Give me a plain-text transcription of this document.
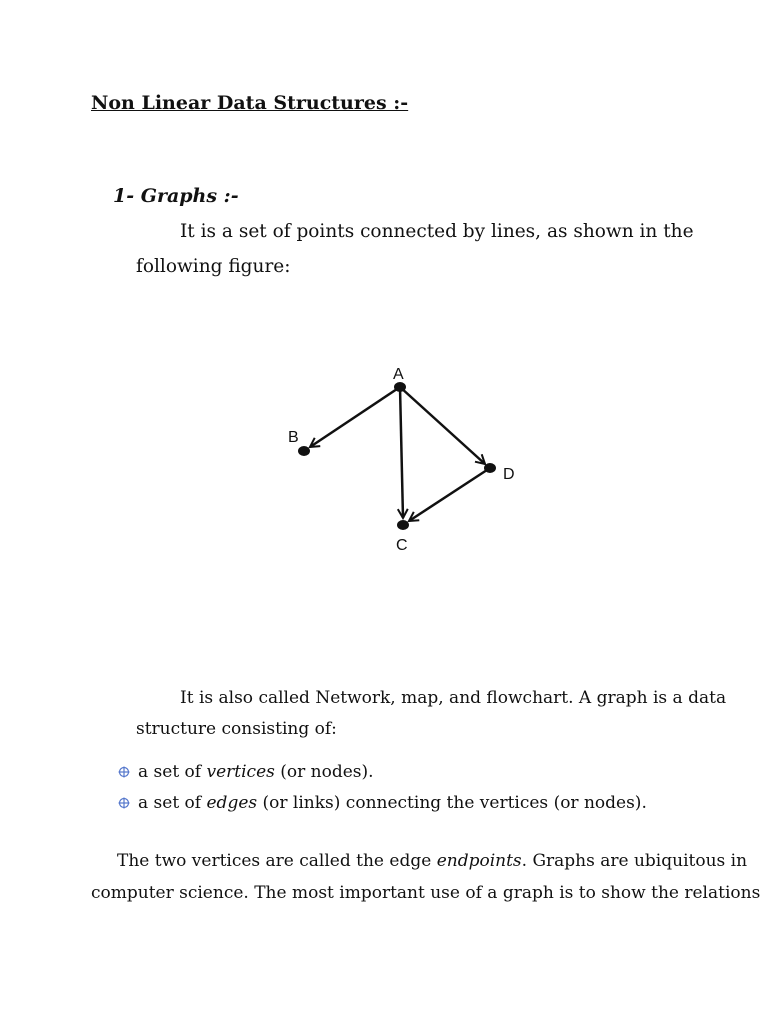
Non Linear Data Structures :-
1- Graphs :-
It is a set of points connected by lines, as shown in the
following figure:
A
B
C
D
It is also called Network, map, and flowchart. A graph is a data
structure consisting of:
a set of vertices (or nodes).
a set of edges (or links) connecting the vertices (or nodes).
The two vertices are called the edge endpoints. Graphs are ubiquitous in
computer science. The most important use of a graph is to show the relations
